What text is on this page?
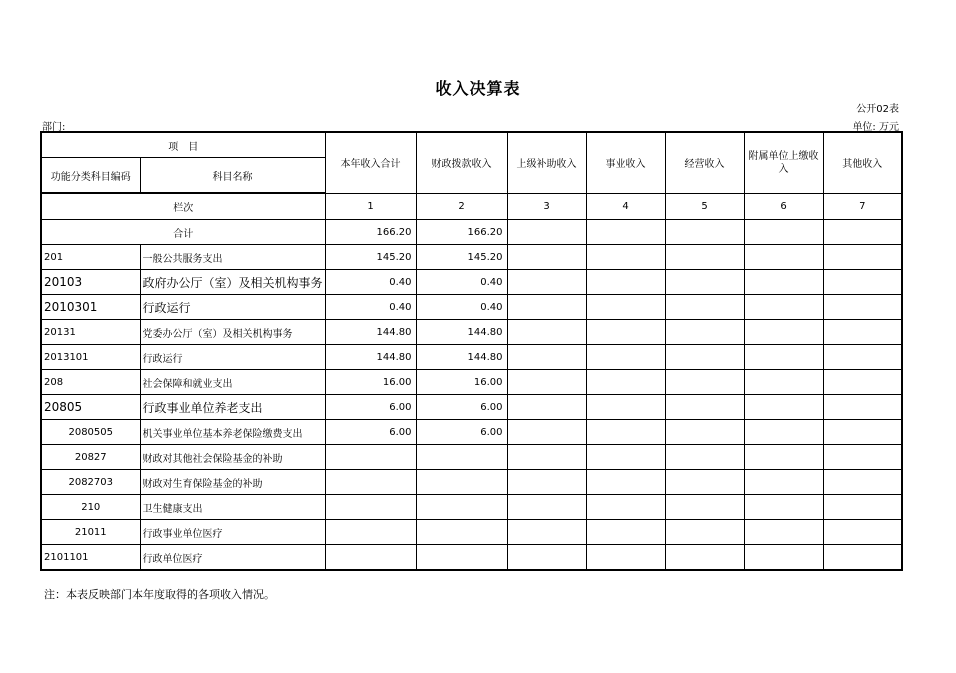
收入决算表
公开02表
部门:	单位: 万元
项　目		本年收入合计	财政拨款收入	上级补助收入	事业收入	经营收入	附属单位上缴收入	其他收入
功能分类科目编码	科目名称							
栏次		1	2	3	4	5	6	7
合计		166.20	166.20					
201	一般公共服务支出	145.20	145.20					
20103	政府办公厅（室）及相关机构事务	0.40	0.40					
2010301	行政运行	0.40	0.40					
20131	党委办公厅（室）及相关机构事务	144.80	144.80					
2013101	行政运行	144.80	144.80					
208	社会保障和就业支出	16.00	16.00					
20805	行政事业单位养老支出	6.00	6.00					
2080505	机关事业单位基本养老保险缴费支出	6.00	6.00					
20827	财政对其他社会保险基金的补助							
2082703	财政对生育保险基金的补助							
210	卫生健康支出							
21011	行政事业单位医疗							
2101101	行政单位医疗							
注：本表反映部门本年度取得的各项收入情况。
